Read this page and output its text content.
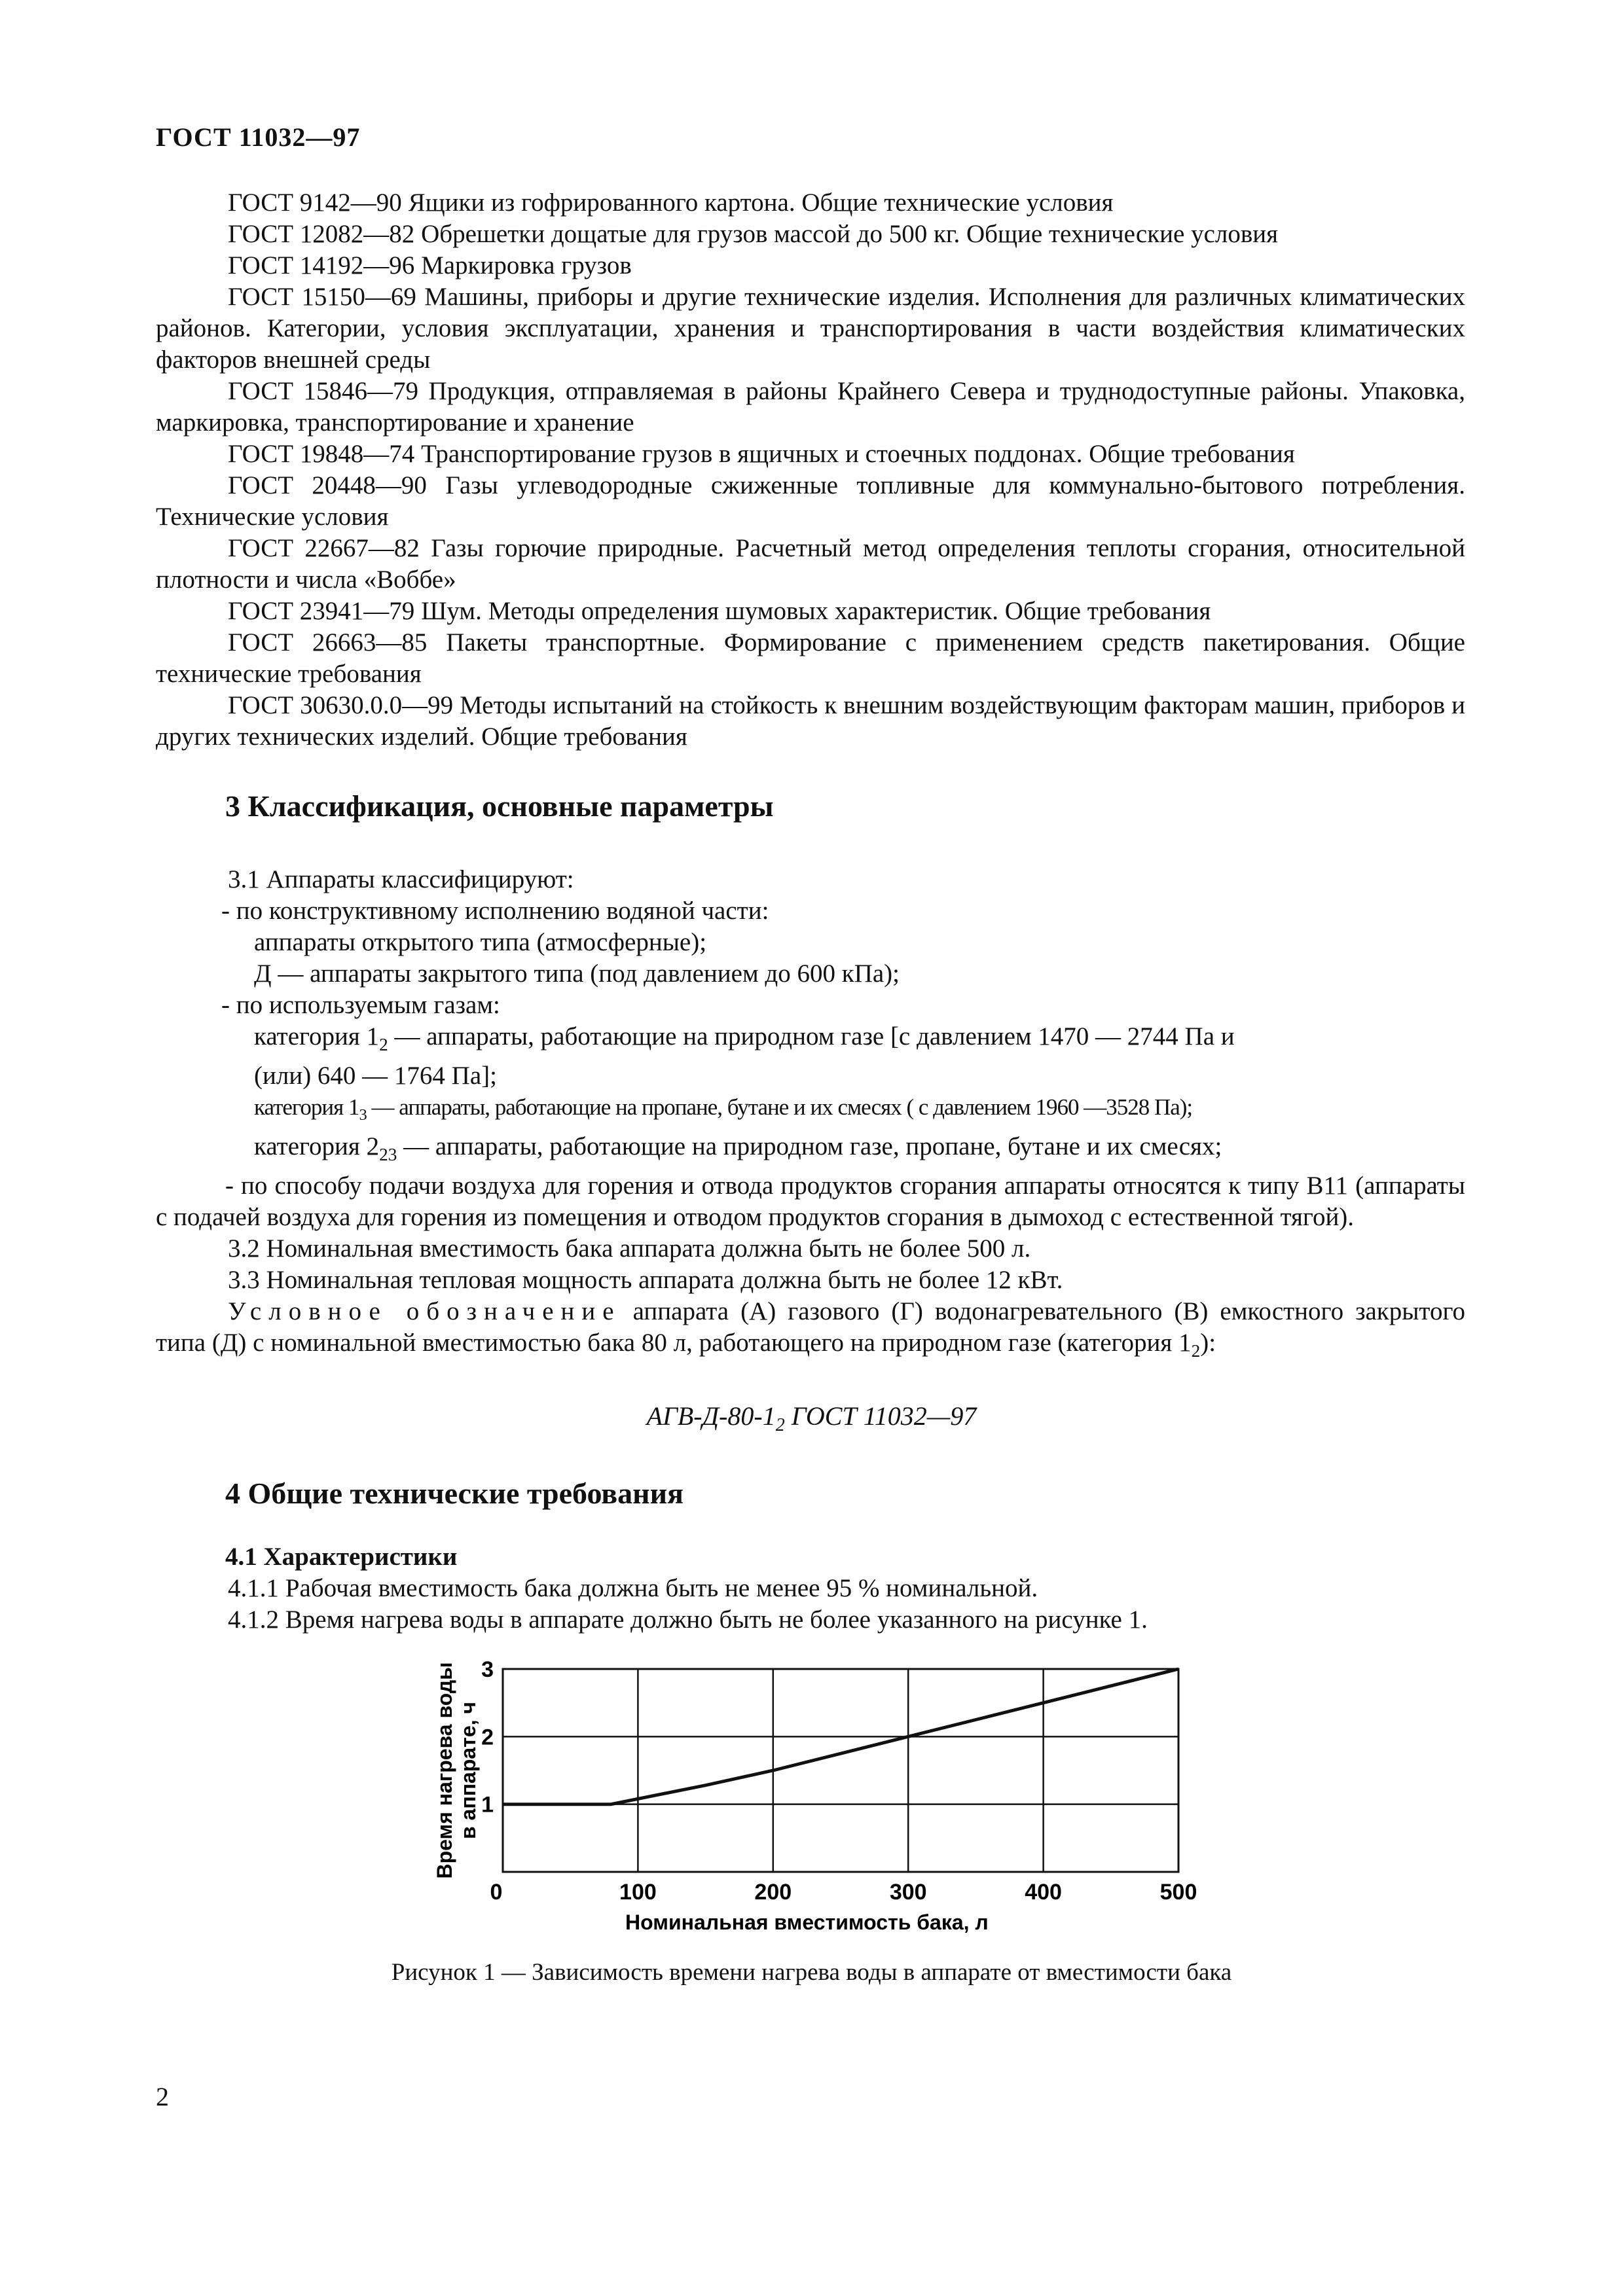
ГОСТ 11032—97

ГОСТ 9142—90 Ящики из гофрированного картона. Общие технические условия

ГОСТ 12082—82 Обрешетки дощатые для грузов массой до 500 кг. Общие технические условия

ГОСТ 14192—96 Маркировка грузов

ГОСТ 15150—69 Машины, приборы и другие технические изделия. Исполнения для различных климатических районов. Категории, условия эксплуатации, хранения и транспортирования в части воздействия климатических факторов внешней среды

ГОСТ 15846—79 Продукция, отправляемая в районы Крайнего Севера и труднодоступные районы. Упаковка, маркировка, транспортирование и хранение

ГОСТ 19848—74 Транспортирование грузов в ящичных и стоечных поддонах. Общие требования

ГОСТ 20448—90 Газы углеводородные сжиженные топливные для коммунально-бытового потребления. Технические условия

ГОСТ 22667—82 Газы горючие природные. Расчетный метод определения теплоты сгорания, относительной плотности и числа «Воббе»

ГОСТ 23941—79 Шум. Методы определения шумовых характеристик. Общие требования

ГОСТ 26663—85 Пакеты транспортные. Формирование с применением средств пакетирования. Общие технические требования

ГОСТ 30630.0.0—99 Методы испытаний на стойкость к внешним воздействующим факторам машин, приборов и других технических изделий. Общие требования

3 Классификация, основные параметры

3.1 Аппараты классифицируют:

- по конструктивному исполнению водяной части:

аппараты открытого типа (атмосферные);

Д — аппараты закрытого типа (под давлением до 600 кПа);

- по используемым газам:

категория $1_2$ — аппараты, работающие на природном газе [с давлением 1470 — 2744 Па и

(или) 640 — 1764 Па];

категория $1_3$ — аппараты, работающие на пропане, бутане и их смесях ( с давлением 1960 —3528 Па);

категория $2_{23}$ — аппараты, работающие на природном газе, пропане, бутане и их смесях;

- по способу подачи воздуха для горения и отвода продуктов сгорания аппараты относятся к типу В11 (аппараты с подачей воздуха для горения из помещения и отводом продуктов сгорания в дымоход с естественной тягой).

3.2 Номинальная вместимость бака аппарата должна быть не более 500 л.

3.3 Номинальная тепловая мощность аппарата должна быть не более 12 кВт.

Условное обозначение аппарата (А) газового (Г) водонагревательного (В) емкостного закрытого типа (Д) с номинальной вместимостью бака 80 л, работающего на природном газе (категория $1_2$):

АГВ-$Д-80-1_2$ ГОСТ 11032—97
4 Общие технические требования

4.1 Характеристики

4.1.1 Рабочая вместимость бака должна быть не менее 95 % номинальной.

4.1.2 Время нагрева воды в аппарате должно быть не более указанного на рисунке 1.

100	200	300	400	500
1
2
3
0
Время нагрева воды в аппарате, ч
Номинальная вместимость бака, л
Рисунок 1 — Зависимость времени нагрева воды в аппарате от вместимости бака
2
